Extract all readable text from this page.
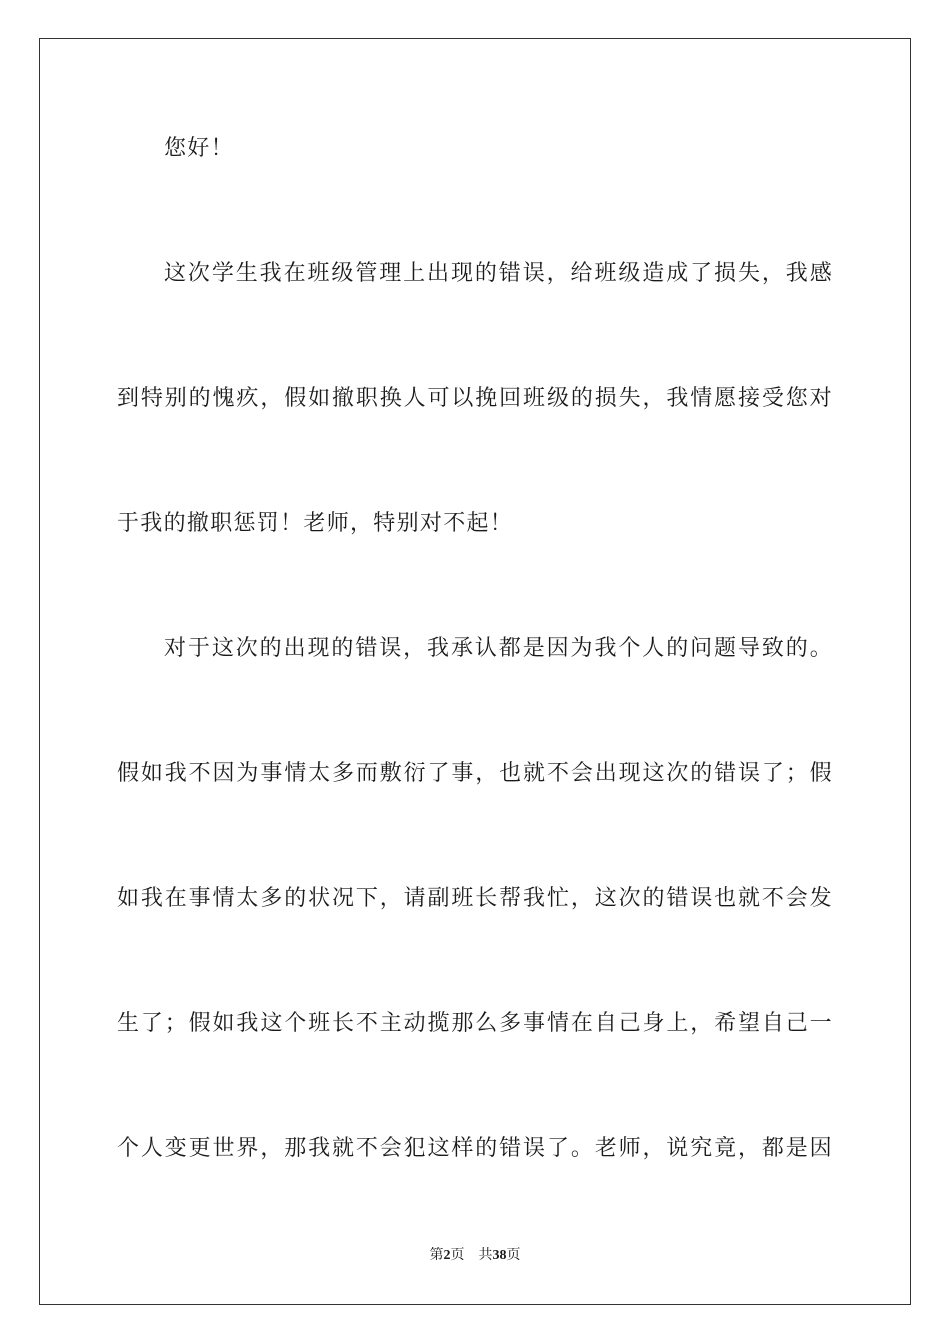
您好！
这次学生我在班级管理上出现的错误，给班级造成了损失，我感
到特别的愧疚，假如撤职换人可以挽回班级的损失，我情愿接受您对
于我的撤职惩罚！老师，特别对不起！
对于这次的出现的错误，我承认都是因为我个人的问题导致的。
假如我不因为事情太多而敷衍了事，也就不会出现这次的错误了；假
如我在事情太多的状况下，请副班长帮我忙，这次的错误也就不会发
生了；假如我这个班长不主动揽那么多事情在自己身上，希望自己一
个人变更世界，那我就不会犯这样的错误了。老师，说究竟，都是因
第2页 共38页
